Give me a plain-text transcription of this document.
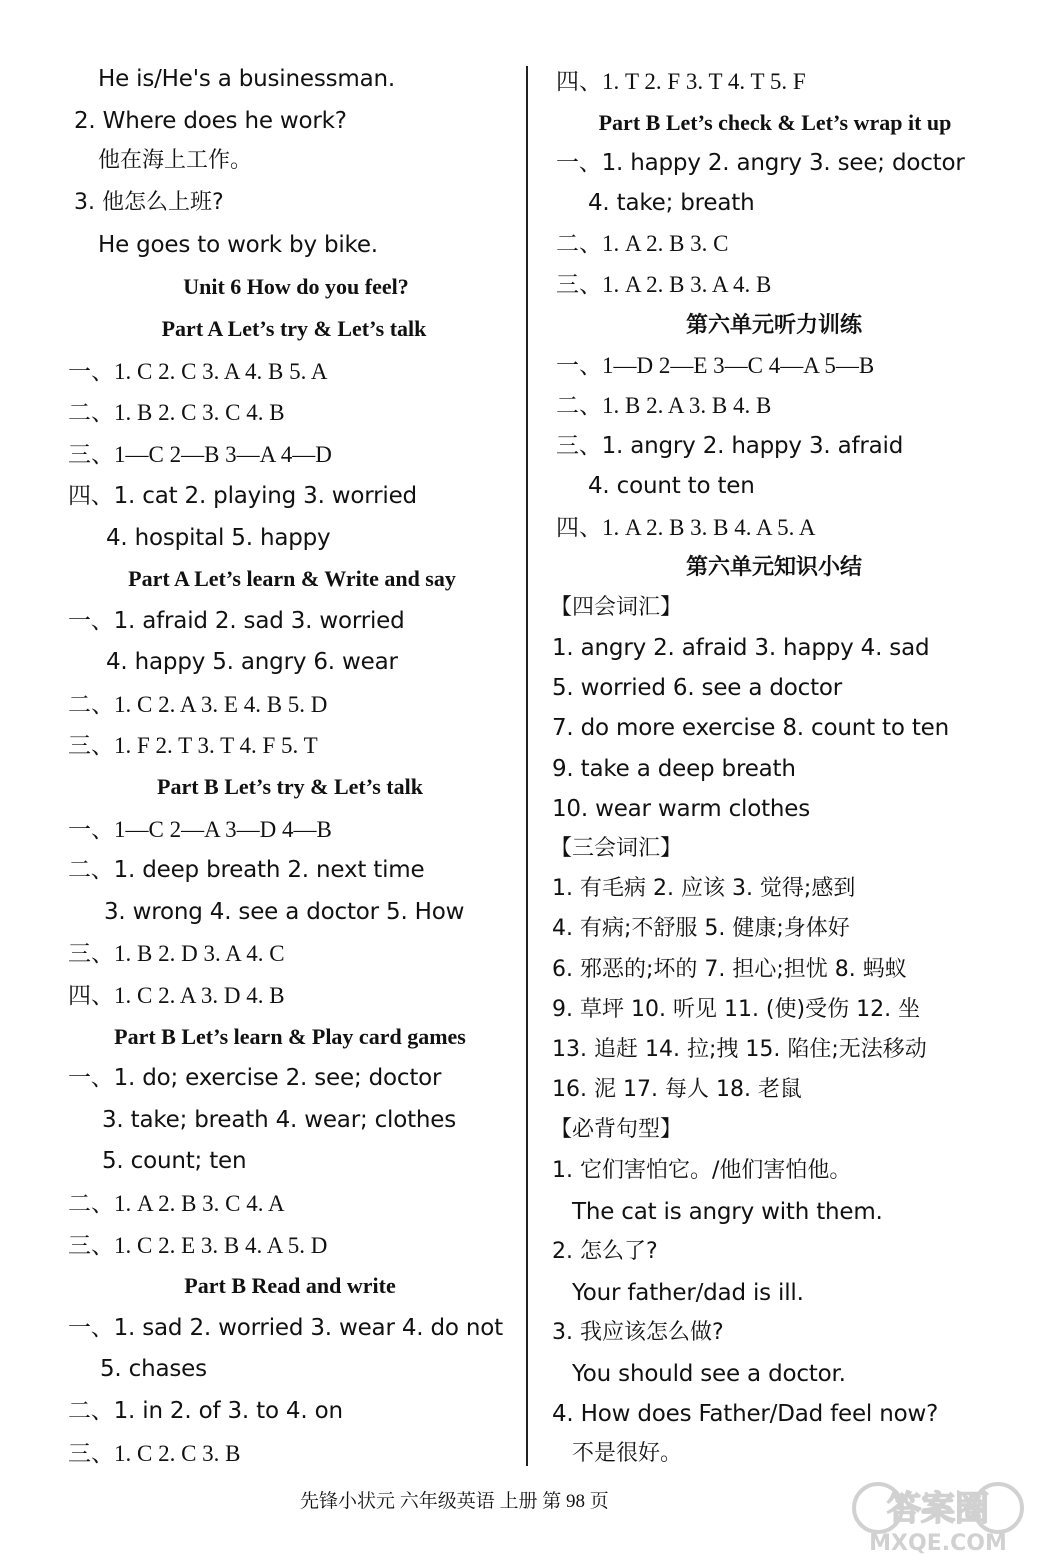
He is/He's a businessman.
2. Where does he work?
他在海上工作。
3. 他怎么上班?
He goes to work by bike.
Unit 6 How do you feel?
Part A Let’s try & Let’s talk
一、1. C 2. C 3. A 4. B 5. A
二、1. B 2. C 3. C 4. B
三、1—C 2—B 3—A 4—D
四、1. cat 2. playing 3. worried
4. hospital 5. happy
Part A Let’s learn & Write and say
一、1. afraid 2. sad 3. worried
4. happy 5. angry 6. wear
二、1. C 2. A 3. E 4. B 5. D
三、1. F 2. T 3. T 4. F 5. T
Part B Let’s try & Let’s talk
一、1—C 2—A 3—D 4—B
二、1. deep breath 2. next time
3. wrong 4. see a doctor 5. How
三、1. B 2. D 3. A 4. C
四、1. C 2. A 3. D 4. B
Part B Let’s learn & Play card games
一、1. do; exercise 2. see; doctor
3. take; breath 4. wear; clothes
5. count; ten
二、1. A 2. B 3. C 4. A
三、1. C 2. E 3. B 4. A 5. D
Part B Read and write
一、1. sad 2. worried 3. wear 4. do not
5. chases
二、1. in 2. of 3. to 4. on
三、1. C 2. C 3. B
四、1. T 2. F 3. T 4. T 5. F
Part B Let’s check & Let’s wrap it up
一、1. happy 2. angry 3. see; doctor
4. take; breath
二、1. A 2. B 3. C
三、1. A 2. B 3. A 4. B
第六单元听力训练
一、1—D 2—E 3—C 4—A 5—B
二、1. B 2. A 3. B 4. B
三、1. angry 2. happy 3. afraid
4. count to ten
四、1. A 2. B 3. B 4. A 5. A
第六单元知识小结
【四会词汇】
1. angry 2. afraid 3. happy 4. sad
5. worried 6. see a doctor
7. do more exercise 8. count to ten
9. take a deep breath
10. wear warm clothes
【三会词汇】
1. 有毛病 2. 应该 3. 觉得;感到
4. 有病;不舒服 5. 健康;身体好
6. 邪恶的;坏的 7. 担心;担忧 8. 蚂蚁
9. 草坪 10. 听见 11. (使)受伤 12. 坐
13. 追赶 14. 拉;拽 15. 陷住;无法移动
16. 泥 17. 每人 18. 老鼠
【必背句型】
1. 它们害怕它。/他们害怕他。
The cat is angry with them.
2. 怎么了?
Your father/dad is ill.
3. 我应该怎么做?
You should see a doctor.
4. How does Father/Dad feel now?
不是很好。
先锋小状元 六年级英语 上册 第 98 页	答案圈
MXQE.COM
